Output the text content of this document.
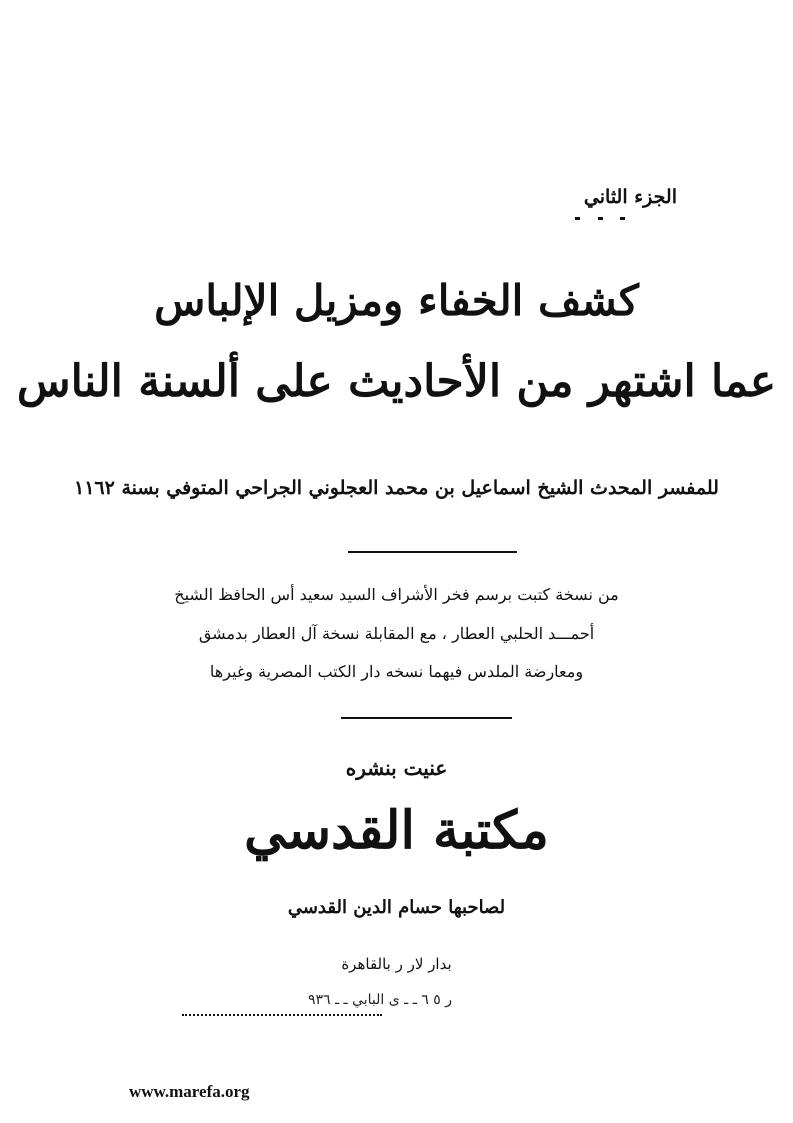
الجزء الثاني
كشف الخفاء ومزيل الإلباس
عما اشتهر من الأحاديث على ألسنة الناس
للمفسر المحدث الشيخ اسماعيل بن محمد العجلوني الجراحي المتوفي بسنة ١١٦٢
من نسخة كتبت برسم فخر الأشراف السيد سعيد أس الحافظ الشيخ
أحمـــد الحلبي العطار ، مع المقابلة نسخة آل العطار بدمشق
ومعارضة الملدس فيهما نسخه دار الكتب المصرية وغيرها
عنيت بنشره
مكتبة القدسي
لصاحبها حسام الدين القدسي
بدار لار ر بالقاهرة
ر ٥ ٦ ـ ـ ى البابي ـ ـ ٩٣٦
www.marefa.org
